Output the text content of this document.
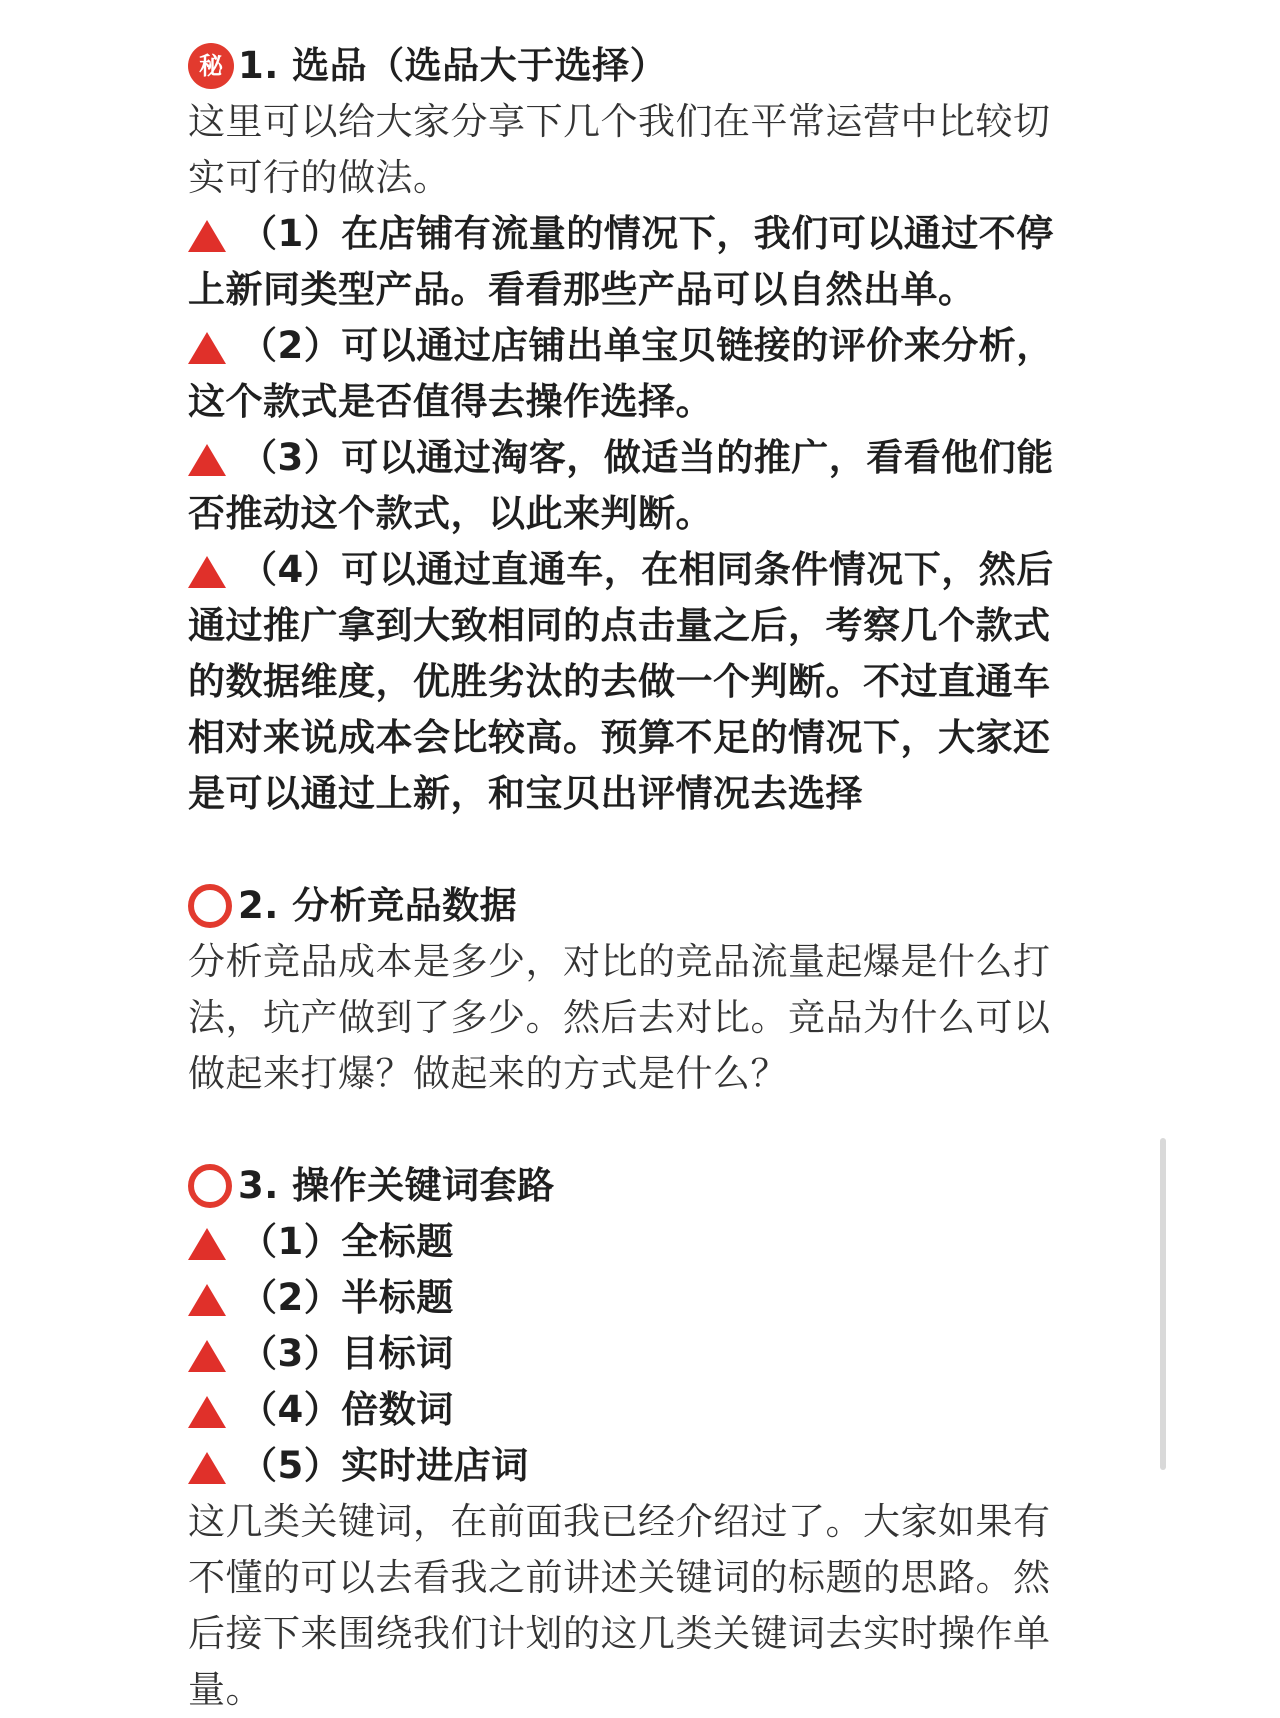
秘 1. 选品（选品大于选择）
这里可以给大家分享下几个我们在平常运营中比较切
实可行的做法。
（1）在店铺有流量的情况下，我们可以通过不停
上新同类型产品。看看那些产品可以自然出单。
（2）可以通过店铺出单宝贝链接的评价来分析，
这个款式是否值得去操作选择。
（3）可以通过淘客，做适当的推广，看看他们能
否推动这个款式，以此来判断。
（4）可以通过直通车，在相同条件情况下，然后
通过推广拿到大致相同的点击量之后，考察几个款式
的数据维度，优胜劣汰的去做一个判断。不过直通车
相对来说成本会比较高。预算不足的情况下，大家还
是可以通过上新，和宝贝出评情况去选择
2. 分析竞品数据
分析竞品成本是多少，对比的竞品流量起爆是什么打
法，坑产做到了多少。然后去对比。竞品为什么可以
做起来打爆？做起来的方式是什么？
3. 操作关键词套路
（1）全标题
（2）半标题
（3）目标词
（4）倍数词
（5）实时进店词
这几类关键词，在前面我已经介绍过了。大家如果有
不懂的可以去看我之前讲述关键词的标题的思路。然
后接下来围绕我们计划的这几类关键词去实时操作单
量。
